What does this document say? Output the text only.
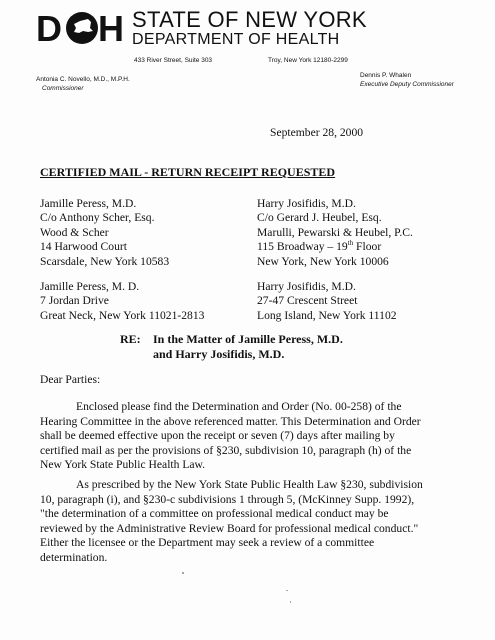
D H STATE OF NEW YORK
DEPARTMENT OF HEALTH
433 River Street, Suite 303	Troy, New York 12180-2299
Antonia C. Novello, M.D., M.P.H.
Commissioner
Dennis P. Whalen
Executive Deputy Commissioner
September 28, 2000
CERTIFIED MAIL - RETURN RECEIPT REQUESTED
Jamille Peress, M.D.
C/o Anthony Scher, Esq.
Wood & Scher
14 Harwood Court
Scarsdale, New York 10583
Harry Josifidis, M.D.
C/o Gerard J. Heubel, Esq.
Marulli, Pewarski & Heubel, P.C.
115 Broadway – 19th Floor
New York, New York 10006
Jamille Peress, M. D.
7 Jordan Drive
Great Neck, New York 11021-2813
Harry Josifidis, M.D.
27-47 Crescent Street
Long Island, New York 11102
RE: In the Matter of Jamille Peress, M.D.
and Harry Josifidis, M.D.
Dear Parties:
Enclosed please find the Determination and Order (No. 00-258) of the
Hearing Committee in the above referenced matter. This Determination and Order
shall be deemed effective upon the receipt or seven (7) days after mailing by
certified mail as per the provisions of §230, subdivision 10, paragraph (h) of the
New York State Public Health Law.
As prescribed by the New York State Public Health Law §230, subdivision
10, paragraph (i), and §230-c subdivisions 1 through 5, (McKinney Supp. 1992),
"the determination of a committee on professional medical conduct may be
reviewed by the Administrative Review Board for professional medical conduct."
Either the licensee or the Department may seek a review of a committee
determination.
